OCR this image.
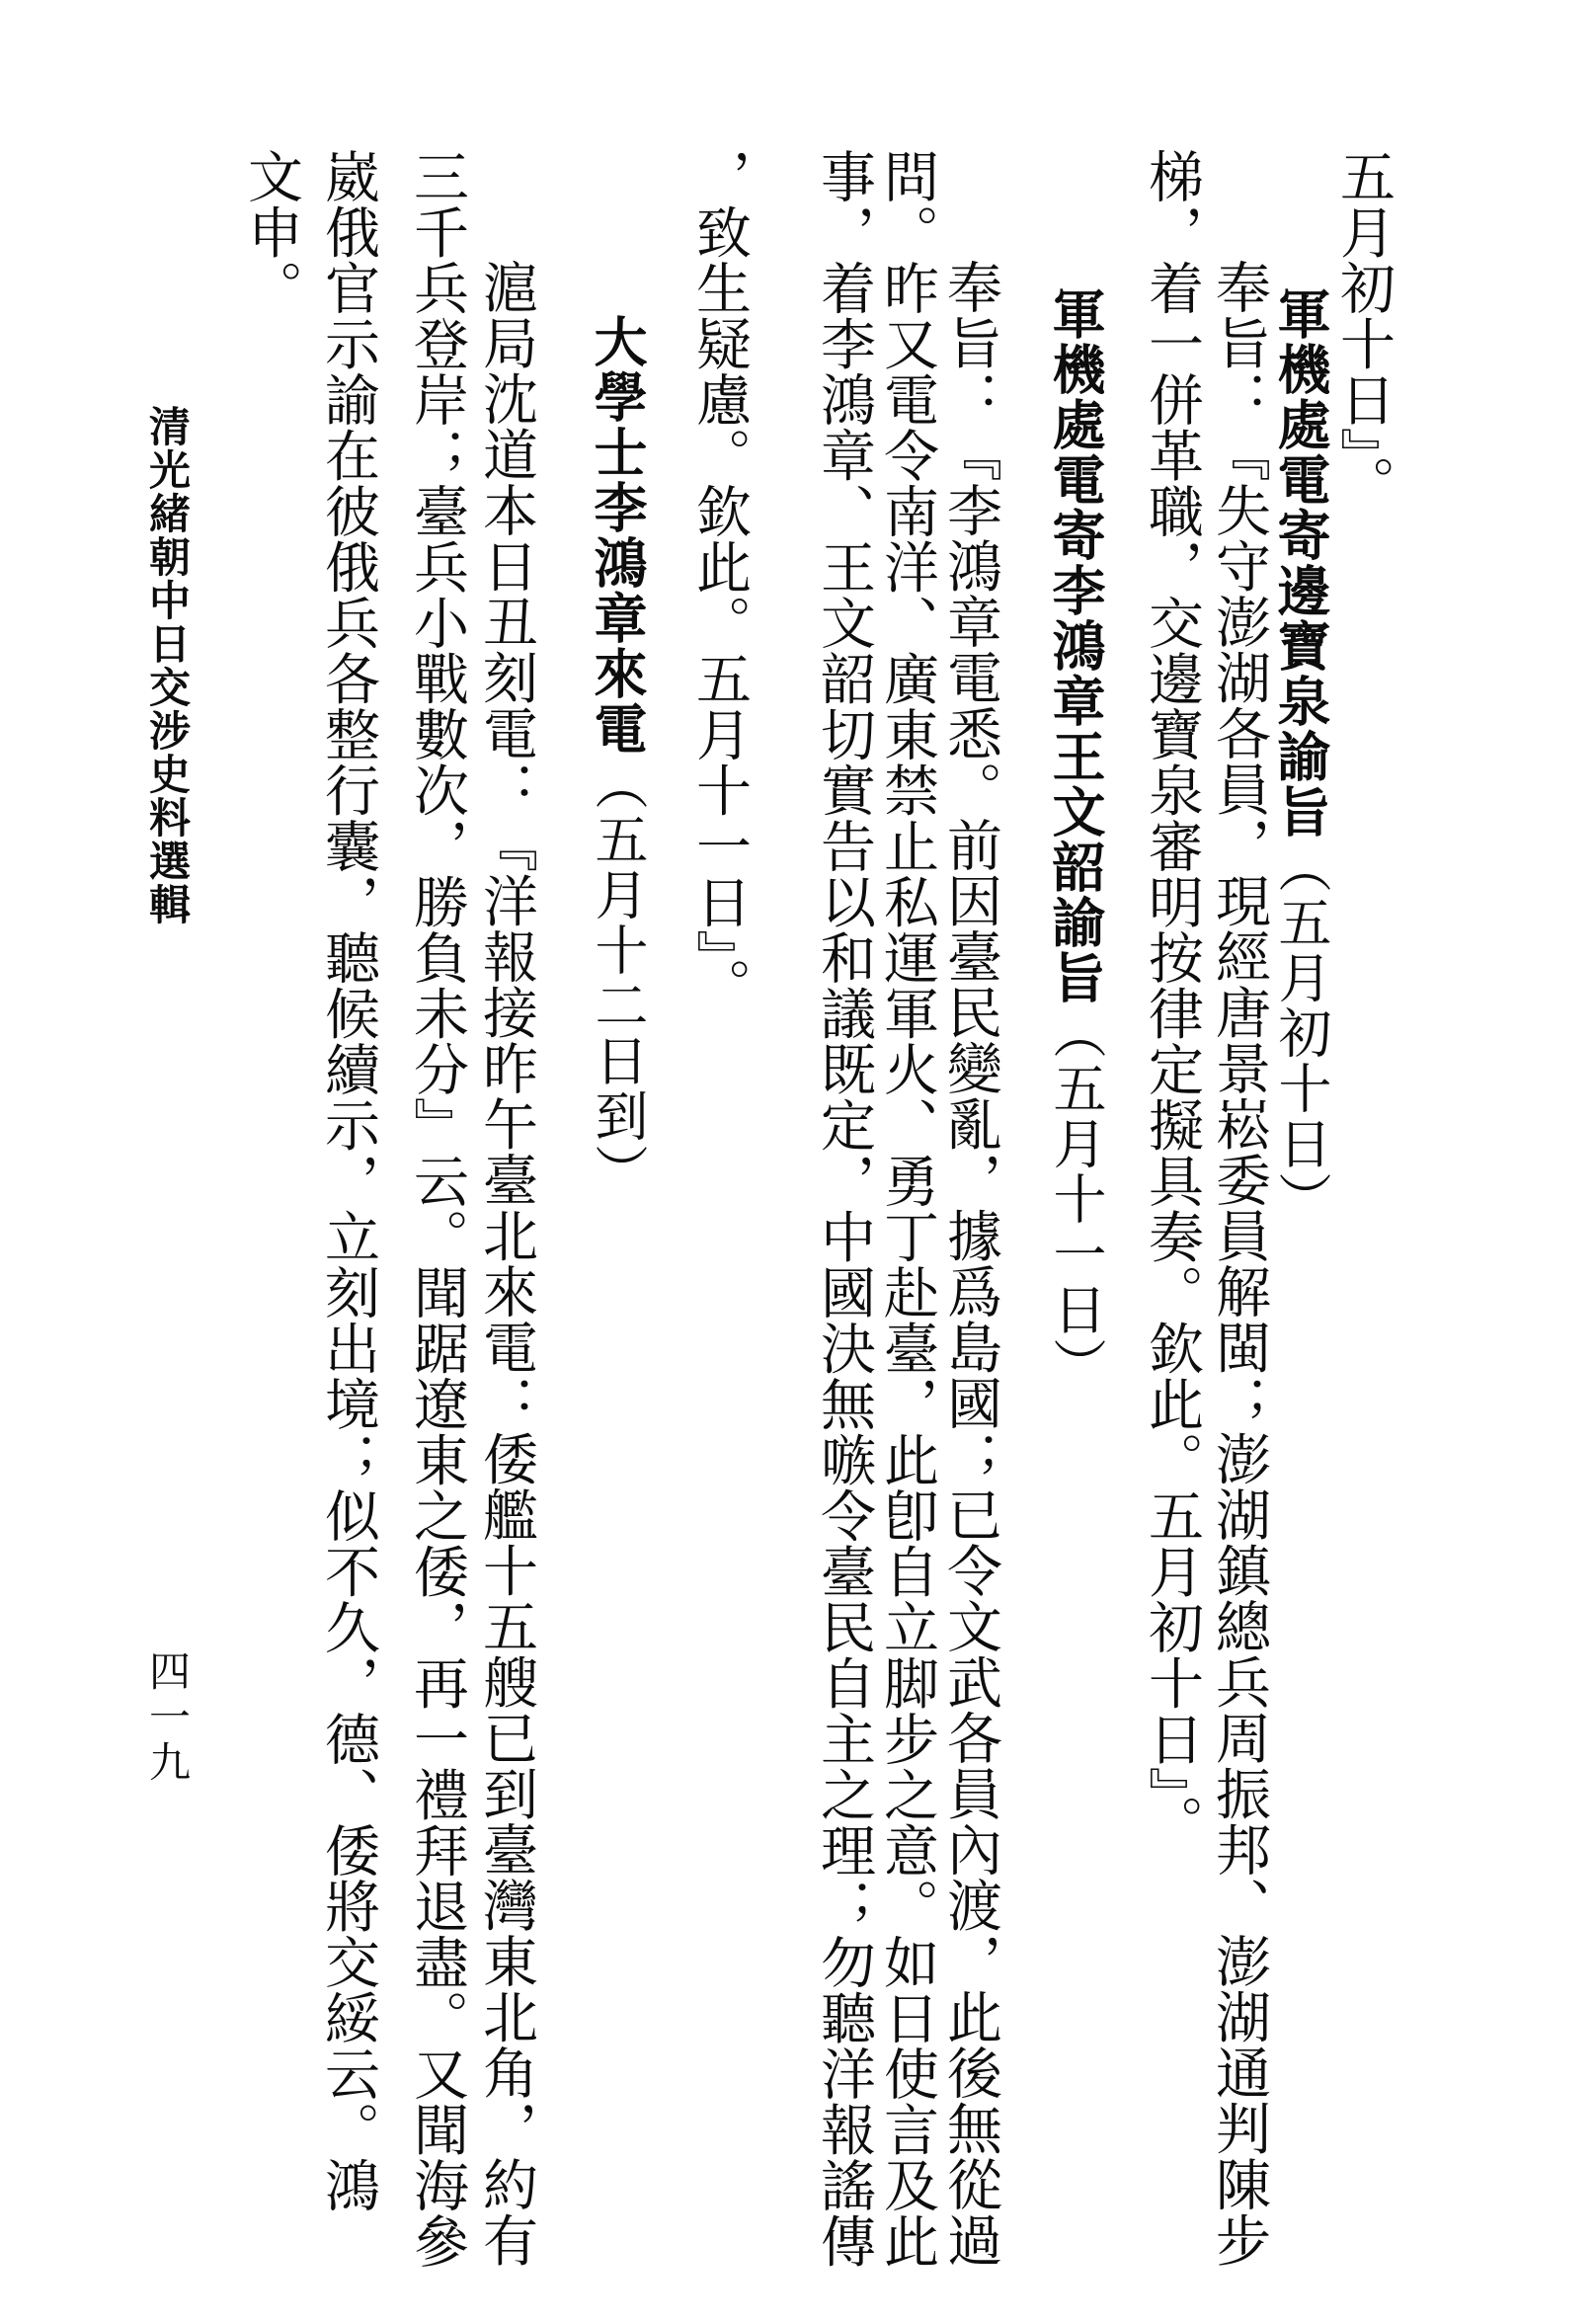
五月初十日』。
軍機處電寄邊寶泉諭旨（五月初十日）
奉旨：『失守澎湖各員，現經唐景崧委員解閩；澎湖鎮總兵周振邦、澎湖通判陳步
梯，着一併革職，交邊寶泉審明按律定擬具奏。欽此。五月初十日』。
軍機處電寄李鴻章王文韶諭旨（五月十一日）
奉旨：『李鴻章電悉。前因臺民變亂，據爲島國；已令文武各員內渡，此後無從過
問。昨又電令南洋、廣東禁止私運軍火、勇丁赴臺，此卽自立脚步之意。如日使言及此
事，着李鴻章、王文韶切實告以和議既定，中國決無嗾令臺民自主之理；勿聽洋報謠傳
，致生疑慮。欽此。五月十一日』。
大學士李鴻章來電（五月十二日到）
滬局沈道本日丑刻電：『洋報接昨午臺北來電：倭艦十五艘已到臺灣東北角，約有
三千兵登岸；臺兵小戰數次，勝負未分』云。聞踞遼東之倭，再一禮拜退盡。又聞海參
崴俄官示諭在彼俄兵各整行囊，聽候續示，立刻出境；似不久，德、倭將交綏云。鴻
文申。
清光緒朝中日交涉史料選輯
四一九
